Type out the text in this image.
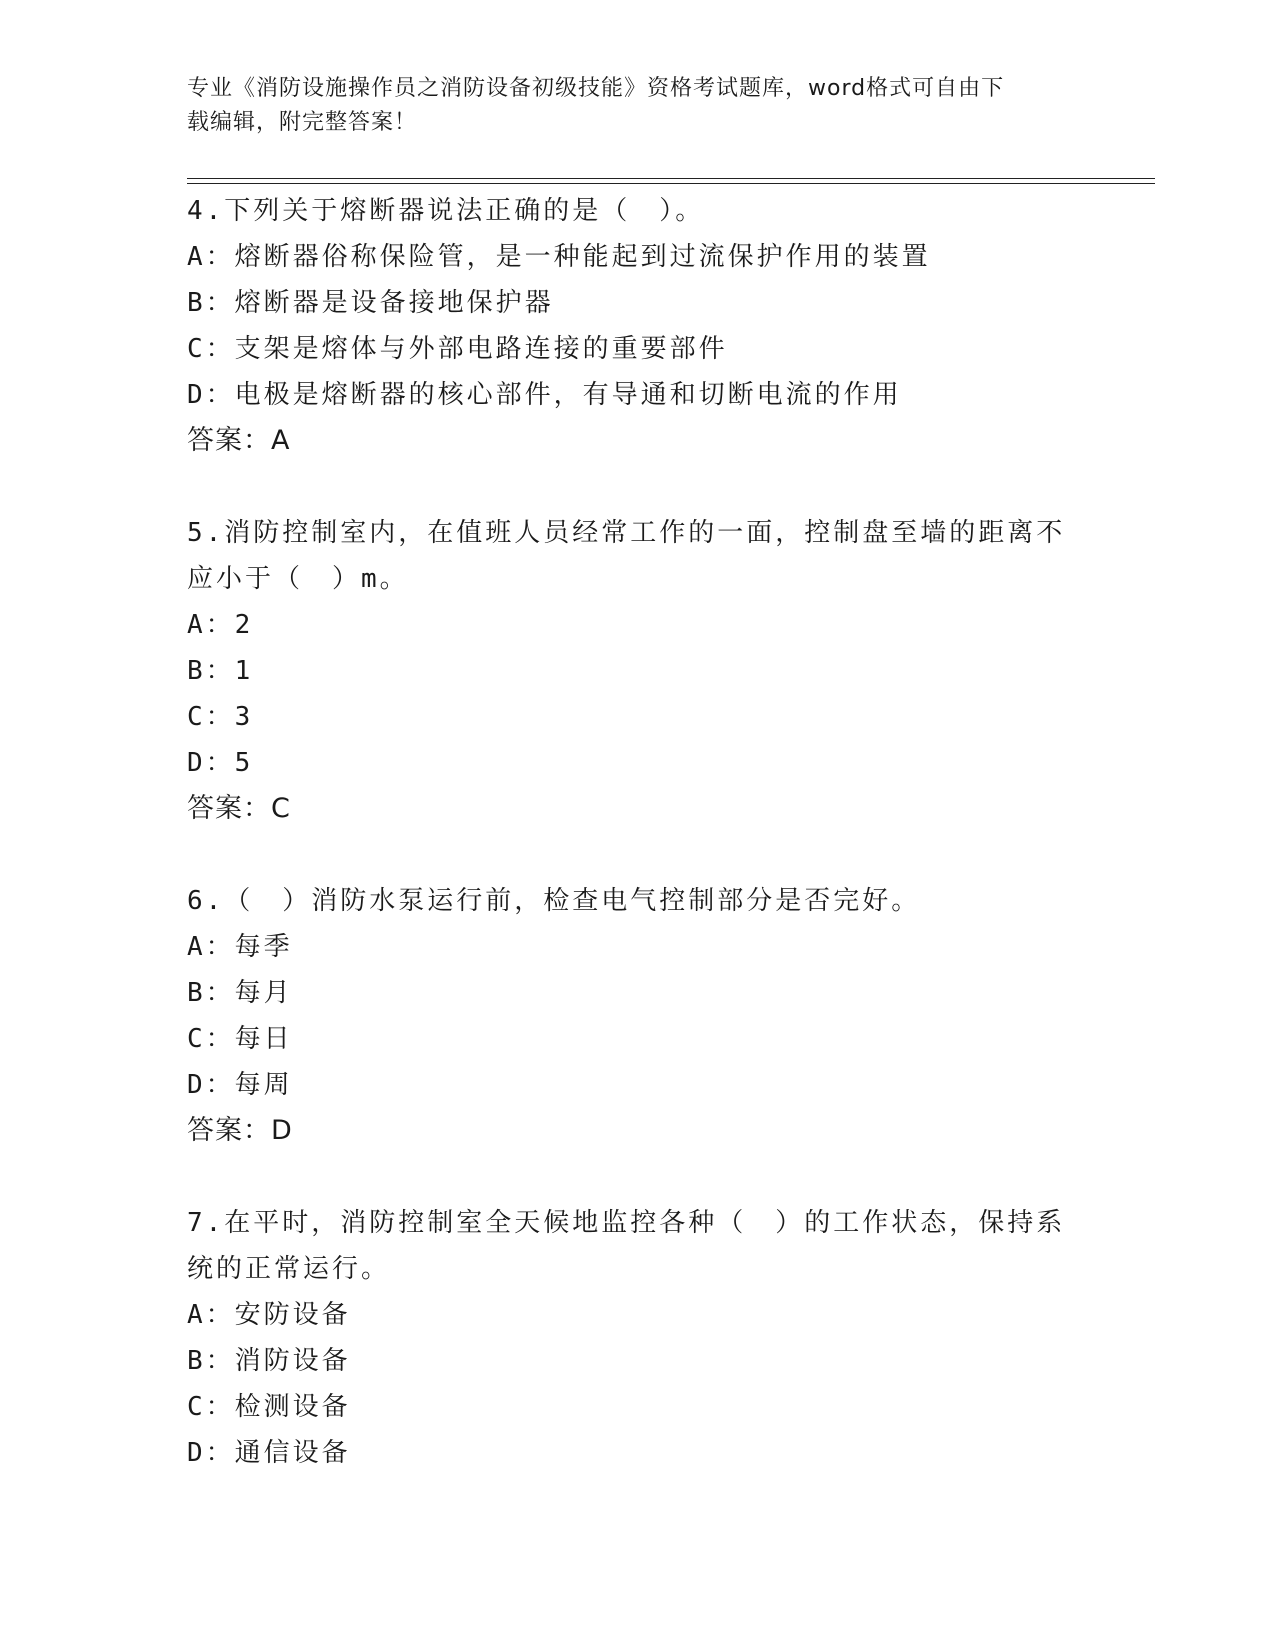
专业《消防设施操作员之消防设备初级技能》资格考试题库，word格式可自由下
载编辑，附完整答案！
4.下列关于熔断器说法正确的是（　）。
A：熔断器俗称保险管，是一种能起到过流保护作用的装置
B：熔断器是设备接地保护器
C：支架是熔体与外部电路连接的重要部件
D：电极是熔断器的核心部件，有导通和切断电流的作用
答案：A
5.消防控制室内，在值班人员经常工作的一面，控制盘至墙的距离不
应小于（　）m。
A：2
B：1
C：3
D：5
答案：C
6.（　）消防水泵运行前，检查电气控制部分是否完好。
A：每季
B：每月
C：每日
D：每周
答案：D
7.在平时，消防控制室全天候地监控各种（　）的工作状态，保持系
统的正常运行。
A：安防设备
B：消防设备
C：检测设备
D：通信设备
